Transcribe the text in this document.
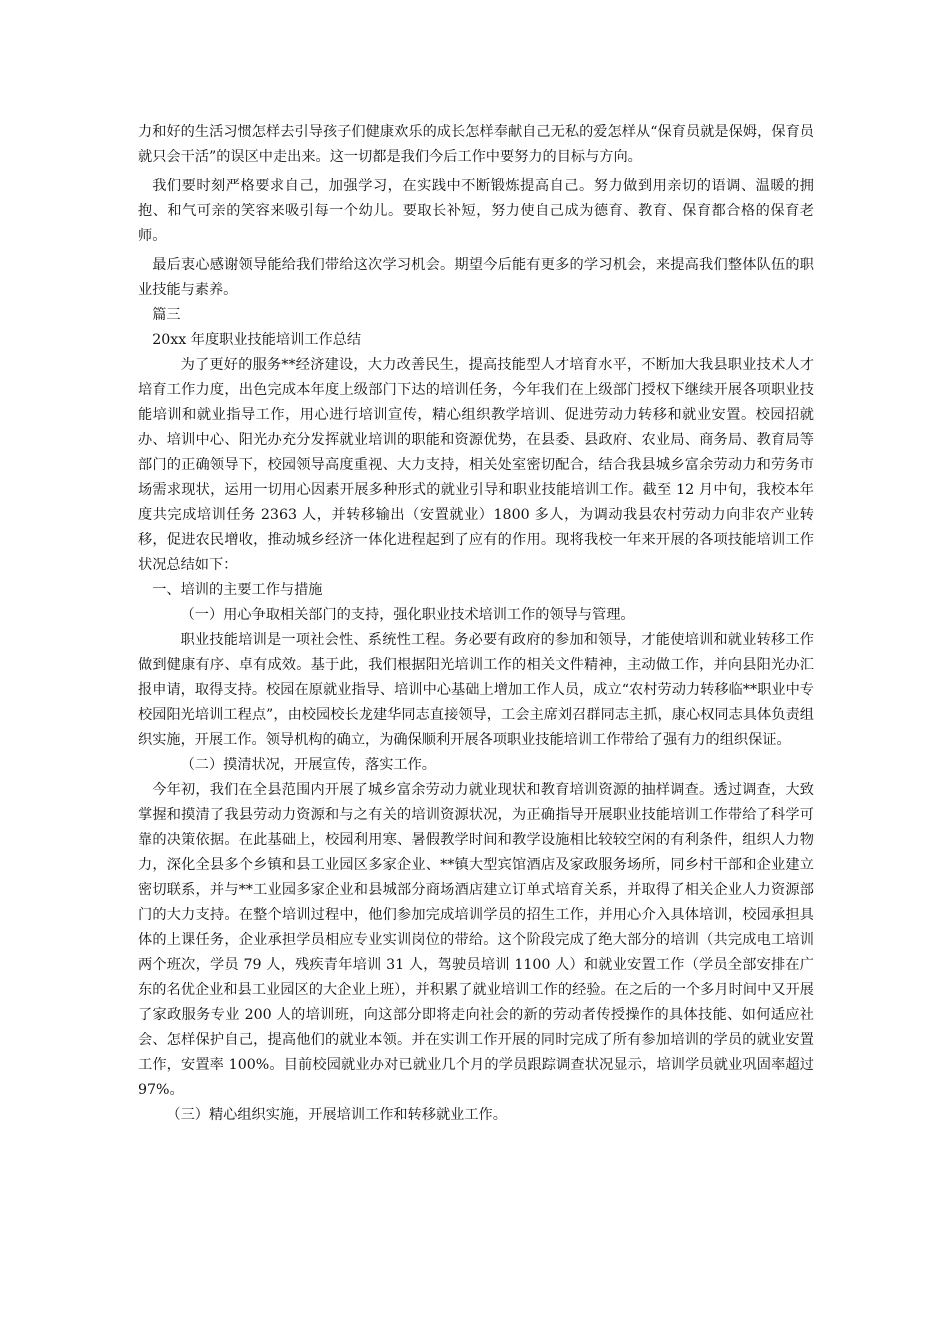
力和好的生活习惯怎样去引导孩子们健康欢乐的成长怎样奉献自己无私的爱怎样从“保育员就是保姆，保育员就只会干活”的误区中走出来。这一切都是我们今后工作中要努力的目标与方向。

我们要时刻严格要求自己，加强学习，在实践中不断锻炼提高自己。努力做到用亲切的语调、温暖的拥抱、和气可亲的笑容来吸引每一个幼儿。要取长补短，努力使自己成为德育、教育、保育都合格的保育老师。

最后衷心感谢领导能给我们带给这次学习机会。期望今后能有更多的学习机会，来提高我们整体队伍的职业技能与素养。

篇三

20xx 年度职业技能培训工作总结

为了更好的服务**经济建设，大力改善民生，提高技能型人才培育水平，不断加大我县职业技术人才培育工作力度，出色完成本年度上级部门下达的培训任务，今年我们在上级部门授权下继续开展各项职业技能培训和就业指导工作，用心进行培训宣传，精心组织教学培训、促进劳动力转移和就业安置。校园招就办、培训中心、阳光办充分发挥就业培训的职能和资源优势，在县委、县政府、农业局、商务局、教育局等部门的正确领导下，校园领导高度重视、大力支持，相关处室密切配合，结合我县城乡富余劳动力和劳务市场需求现状，运用一切用心因素开展多种形式的就业引导和职业技能培训工作。截至 12 月中旬，我校本年度共完成培训任务 2363 人，并转移输出（安置就业）1800 多人，为调动我县农村劳动力向非农产业转移，促进农民增收，推动城乡经济一体化进程起到了应有的作用。现将我校一年来开展的各项技能培训工作状况总结如下：

一、培训的主要工作与措施

（一）用心争取相关部门的支持，强化职业技术培训工作的领导与管理。

职业技能培训是一项社会性、系统性工程。务必要有政府的参加和领导，才能使培训和就业转移工作做到健康有序、卓有成效。基于此，我们根据阳光培训工作的相关文件精神，主动做工作，并向县阳光办汇报申请，取得支持。校园在原就业指导、培训中心基础上增加工作人员，成立“农村劳动力转移临**职业中专校园阳光培训工程点”，由校园校长龙建华同志直接领导，工会主席刘召群同志主抓，康心权同志具体负责组织实施，开展工作。领导机构的确立，为确保顺利开展各项职业技能培训工作带给了强有力的组织保证。

（二）摸清状况，开展宣传，落实工作。

今年初，我们在全县范围内开展了城乡富余劳动力就业现状和教育培训资源的抽样调查。透过调查，大致掌握和摸清了我县劳动力资源和与之有关的培训资源状况，为正确指导开展职业技能培训工作带给了科学可靠的决策依据。在此基础上，校园利用寒、暑假教学时间和教学设施相比较较空闲的有利条件，组织人力物力，深化全县多个乡镇和县工业园区多家企业、**镇大型宾馆酒店及家政服务场所，同乡村干部和企业建立密切联系，并与**工业园多家企业和县城部分商场酒店建立订单式培育关系，并取得了相关企业人力资源部门的大力支持。在整个培训过程中，他们参加完成培训学员的招生工作，并用心介入具体培训，校园承担具体的上课任务，企业承担学员相应专业实训岗位的带给。这个阶段完成了绝大部分的培训（共完成电工培训两个班次，学员 79 人，残疾青年培训 31 人，驾驶员培训 1100 人）和就业安置工作（学员全部安排在广东的名优企业和县工业园区的大企业上班），并积累了就业培训工作的经验。在之后的一个多月时间中又开展了家政服务专业 200 人的培训班，向这部分即将走向社会的新的劳动者传授操作的具体技能、如何适应社会、怎样保护自己，提高他们的就业本领。并在实训工作开展的同时完成了所有参加培训的学员的就业安置工作，安置率 100%。目前校园就业办对已就业几个月的学员跟踪调查状况显示，培训学员就业巩固率超过 97%。

（三）精心组织实施，开展培训工作和转移就业工作。
